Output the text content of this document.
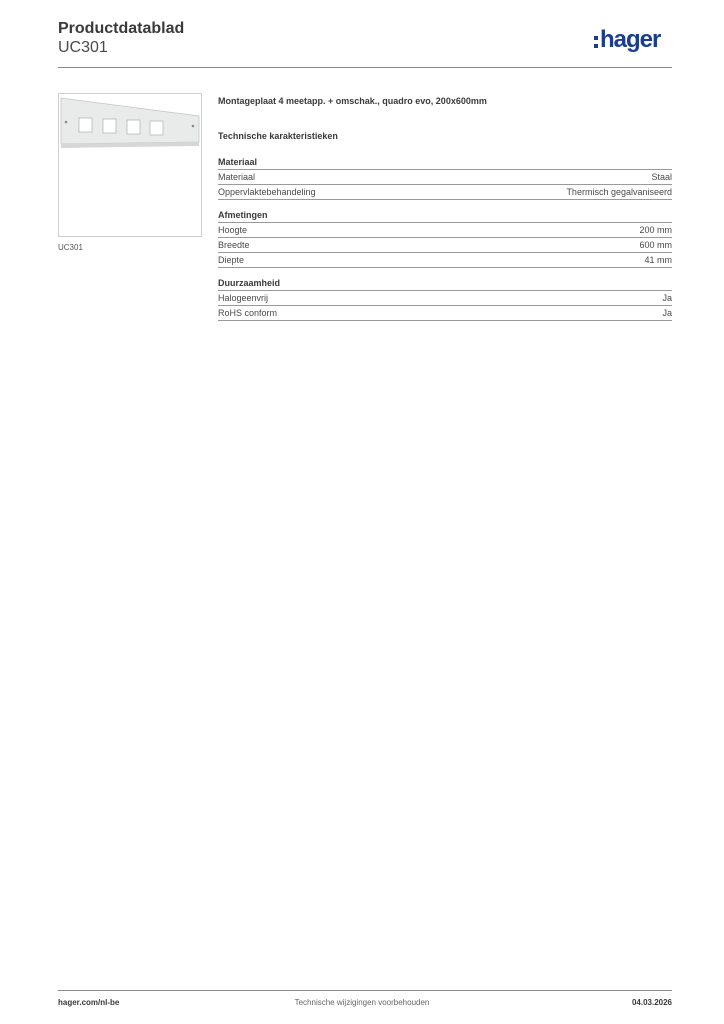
Productdatablad
UC301	hager
UC301
Montageplaat 4 meetapp. + omschak., quadro evo, 200x600mm
Technische karakteristieken
Materiaal
Materiaal	Staal
Oppervlaktebehandeling	Thermisch gegalvaniseerd
Afmetingen
Hoogte	200 mm
Breedte	600 mm
Diepte	41 mm
Duurzaamheid
Halogeenvrij	Ja
RoHS conform	Ja
hager.com/nl-be	Technische wijzigingen voorbehouden	04.03.2026
